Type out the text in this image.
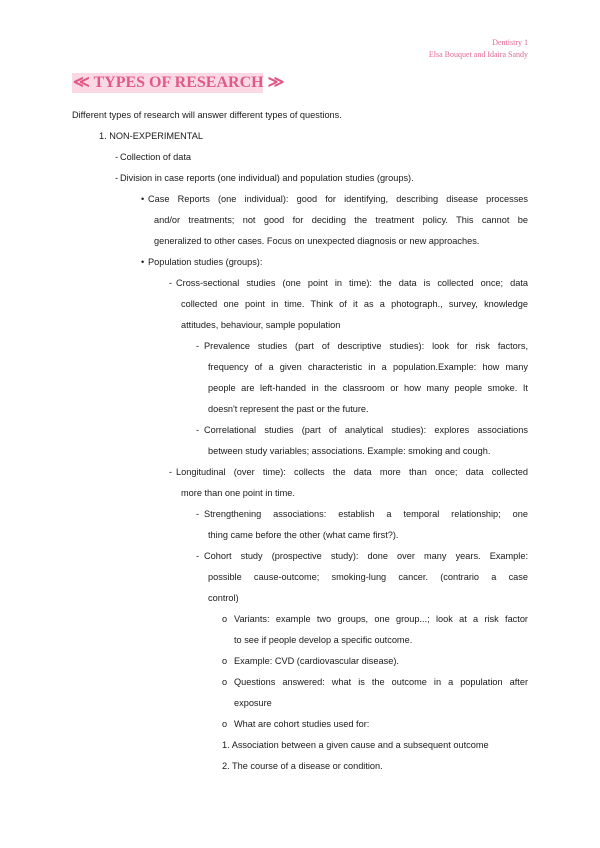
Dentistry 1
Elsa Bouquet and Idaira Sandy
≪ TYPES OF RESEARCH ≫
Different types of research will answer different types of questions.
1. NON-EXPERIMENTAL
- Collection of data
- Division in case reports (one individual) and population studies (groups).
• Case Reports (one individual): good for identifying, describing disease processes
and/or treatments; not good for deciding the treatment policy. This cannot be
generalized to other cases. Focus on unexpected diagnosis or new approaches.
• Population studies (groups):
- Cross-sectional studies (one point in time): the data is collected once; data
collected one point in time. Think of it as a photograph., survey, knowledge
attitudes, behaviour, sample population
- Prevalence studies (part of descriptive studies): look for risk factors,
frequency of a given characteristic in a population.Example: how many
people are left-handed in the classroom or how many people smoke. It
doesn't represent the past or the future.
- Correlational studies (part of analytical studies): explores associations
between study variables; associations. Example: smoking and cough.
- Longitudinal (over time): collects the data more than once; data collected
more than one point in time.
- Strengthening associations: establish a temporal relationship; one
thing came before the other (what came first?).
- Cohort study (prospective study): done over many years. Example:
possible cause-outcome; smoking-lung cancer. (contrario a case
control)
o Variants: example two groups, one group...; look at a risk factor
to see if people develop a specific outcome.
o Example: CVD (cardiovascular disease).
o Questions answered: what is the outcome in a population after
exposure
o What are cohort studies used for:
1. Association between a given cause and a subsequent outcome
2. The course of a disease or condition.
